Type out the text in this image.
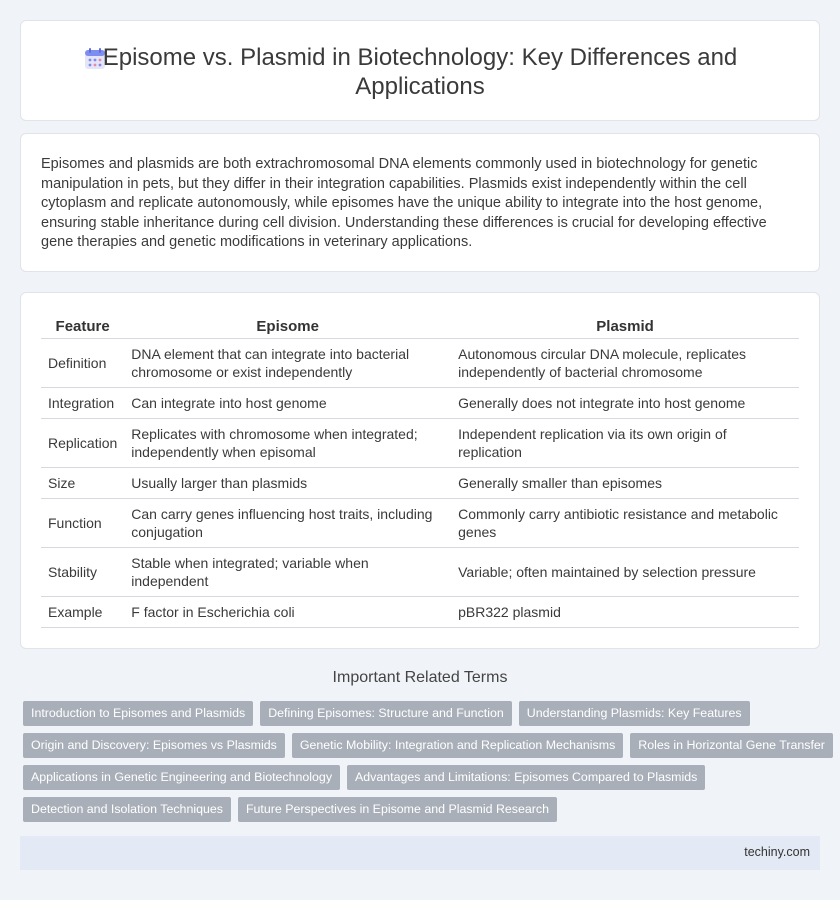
Episome vs. Plasmid in Biotechnology: Key Differences and Applications

Episomes and plasmids are both extrachromosomal DNA elements commonly used in biotechnology for genetic manipulation in pets, but they differ in their integration capabilities. Plasmids exist independently within the cell cytoplasm and replicate autonomously, while episomes have the unique ability to integrate into the host genome, ensuring stable inheritance during cell division. Understanding these differences is crucial for developing effective gene therapies and genetic modifications in veterinary applications.

Feature	Episome	Plasmid
Definition	DNA element that can integrate into bacterial chromosome or exist independently	Autonomous circular DNA molecule, replicates independently of bacterial chromosome
Integration	Can integrate into host genome	Generally does not integrate into host genome
Replication	Replicates with chromosome when integrated; independently when episomal	Independent replication via its own origin of replication
Size	Usually larger than plasmids	Generally smaller than episomes
Function	Can carry genes influencing host traits, including conjugation	Commonly carry antibiotic resistance and metabolic genes
Stability	Stable when integrated; variable when independent	Variable; often maintained by selection pressure
Example	F factor in Escherichia coli	pBR322 plasmid
Important Related Terms
Introduction to Episomes and Plasmids	Defining Episomes: Structure and Function	Understanding Plasmids: Key Features
Origin and Discovery: Episomes vs Plasmids	Genetic Mobility: Integration and Replication Mechanisms	Roles in Horizontal Gene Transfer
Applications in Genetic Engineering and Biotechnology	Advantages and Limitations: Episomes Compared to Plasmids
Detection and Isolation Techniques	Future Perspectives in Episome and Plasmid Research
techiny.com
